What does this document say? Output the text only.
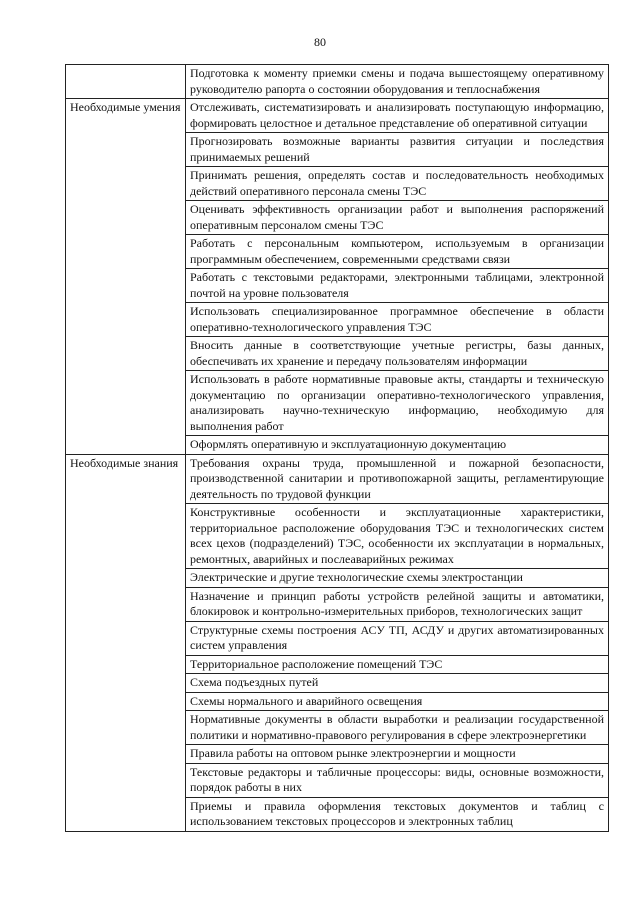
80
	Подготовка к моменту приемки смены и подача вышестоящему оперативному руководителю рапорта о состоянии оборудования и теплоснабжения
Необходимые умения	Отслеживать, систематизировать и анализировать поступающую информацию, формировать целостное и детальное представление об оперативной ситуации
	Прогнозировать возможные варианты развития ситуации и последствия принимаемых решений
	Принимать решения, определять состав и последовательность необходимых действий оперативного персонала смены ТЭС
	Оценивать эффективность организации работ и выполнения распоряжений оперативным персоналом смены ТЭС
	Работать с персональным компьютером, используемым в организации программным обеспечением, современными средствами связи
	Работать с текстовыми редакторами, электронными таблицами, электронной почтой на уровне пользователя
	Использовать специализированное программное обеспечение в области оперативно-технологического управления ТЭС
	Вносить данные в соответствующие учетные регистры, базы данных, обеспечивать их хранение и передачу пользователям информации
	Использовать в работе нормативные правовые акты, стандарты и техническую документацию по организации оперативно-технологического управления, анализировать научно-техническую информацию, необходимую для выполнения работ
	Оформлять оперативную и эксплуатационную документацию
Необходимые знания	Требования охраны труда, промышленной и пожарной безопасности, производственной санитарии и противопожарной защиты, регламентирующие деятельность по трудовой функции
	Конструктивные особенности и эксплуатационные характеристики, территориальное расположение оборудования ТЭС и технологических систем всех цехов (подразделений) ТЭС, особенности их эксплуатации в нормальных, ремонтных, аварийных и послеаварийных режимах
	Электрические и другие технологические схемы электростанции
	Назначение и принцип работы устройств релейной защиты и автоматики, блокировок и контрольно-измерительных приборов, технологических защит
	Структурные схемы построения АСУ ТП, АСДУ и других автоматизированных систем управления
	Территориальное расположение помещений ТЭС
	Схема подъездных путей
	Схемы нормального и аварийного освещения
	Нормативные документы в области выработки и реализации государственной политики и нормативно-правового регулирования в сфере электроэнергетики
	Правила работы на оптовом рынке электроэнергии и мощности
	Текстовые редакторы и табличные процессоры: виды, основные возможности, порядок работы в них
	Приемы и правила оформления текстовых документов и таблиц с использованием текстовых процессоров и электронных таблиц
